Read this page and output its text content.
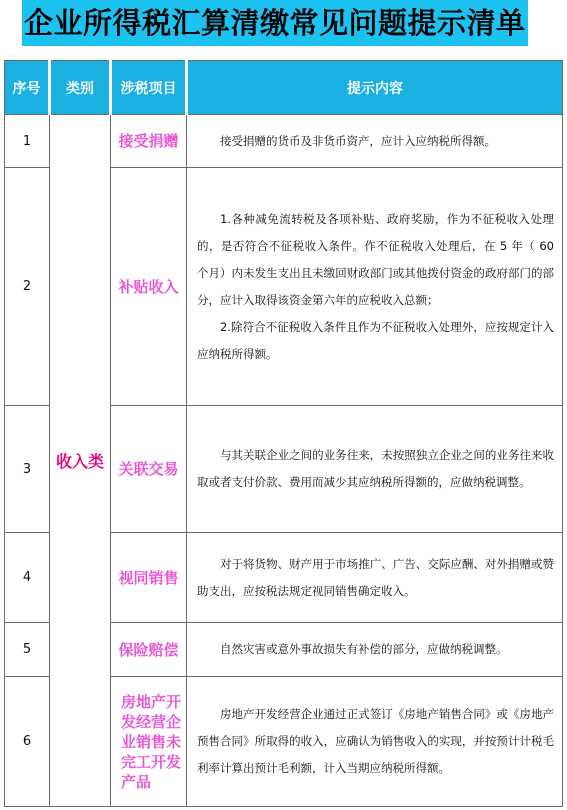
企业所得税汇算清缴常见问题提示清单
序号	类别	涉税项目	提示内容
1	收入类	接受捐赠	接受捐赠的货币及非货币资产，应计入应纳税所得额。

2		补贴收入	1.各种减免流转税及各项补贴、政府奖励，作为不征税收入处理的，是否符合不征税收入条件。作不征税收入处理后，在 5 年（ 60 个月）内未发生支出且未缴回财政部门或其他拨付资金的政府部门的部分，应计入取得该资金第六年的应税收入总额；

2.除符合不征税收入条件且作为不征税收入处理外，应按规定计入应纳税所得额。

3		关联交易	与其关联企业之间的业务往来，未按照独立企业之间的业务往来收取或者支付价款、费用而减少其应纳税所得额的，应做纳税调整。

4		视同销售	对于将货物、财产用于市场推广、广告、交际应酬、对外捐赠或赞助支出，应按税法规定视同销售确定收入。

5		保险赔偿	自然灾害或意外事故损失有补偿的部分，应做纳税调整。

6		房地产开发经营企业销售未完工开发产品	房地产开发经营企业通过正式签订《房地产销售合同》或《房地产预售合同》所取得的收入，应确认为销售收入的实现，并按预计计税毛利率计算出预计毛利额，计入当期应纳税所得额。
